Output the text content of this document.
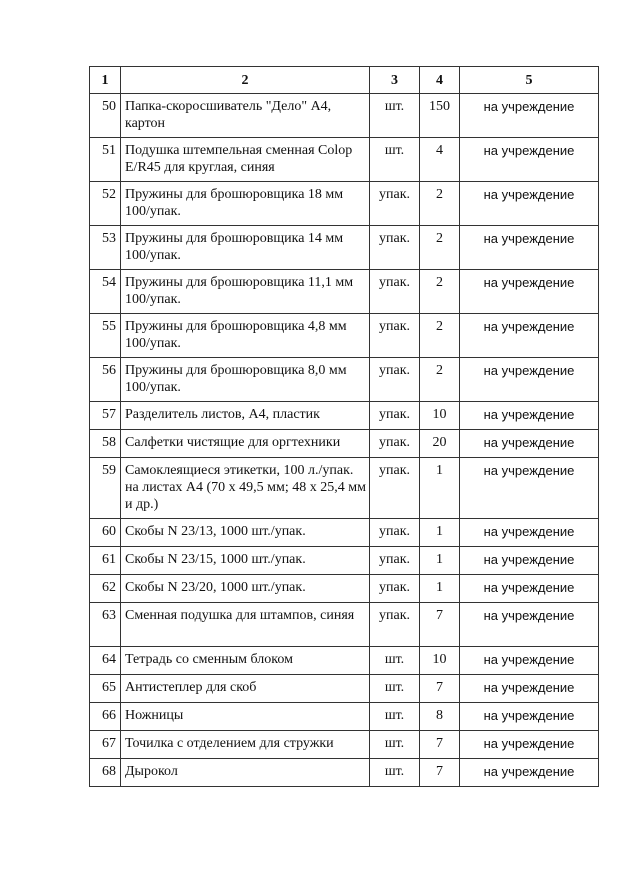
1	2	3	4	5
50	Папка-скоросшиватель "Дело" А4, картон	шт.	150	на учреждение
51	Подушка штемпельная сменная Colop E/R45 для круглая, синяя	шт.	4	на учреждение
52	Пружины для брошюровщика 18 мм 100/упак.	упак.	2	на учреждение
53	Пружины для брошюровщика 14 мм 100/упак.	упак.	2	на учреждение
54	Пружины для брошюровщика 11,1 мм 100/упак.	упак.	2	на учреждение
55	Пружины для брошюровщика 4,8 мм 100/упак.	упак.	2	на учреждение
56	Пружины для брошюровщика 8,0 мм 100/упак.	упак.	2	на учреждение
57	Разделитель листов, А4, пластик	упак.	10	на учреждение
58	Салфетки чистящие для оргтехники	упак.	20	на учреждение
59	Самоклеящиеся этикетки, 100 л./упак. на листах А4 (70 x 49,5 мм; 48 x 25,4 мм и др.)	упак.	1	на учреждение
60	Скобы N 23/13, 1000 шт./упак.	упак.	1	на учреждение
61	Скобы N 23/15, 1000 шт./упак.	упак.	1	на учреждение
62	Скобы N 23/20, 1000 шт./упак.	упак.	1	на учреждение
63	Сменная подушка для штампов, синяя	упак.	7	на учреждение
64	Тетрадь со сменным блоком	шт.	10	на учреждение
65	Антистеплер для скоб	шт.	7	на учреждение
66	Ножницы	шт.	8	на учреждение
67	Точилка с отделением для стружки	шт.	7	на учреждение
68	Дырокол	шт.	7	на учреждение
